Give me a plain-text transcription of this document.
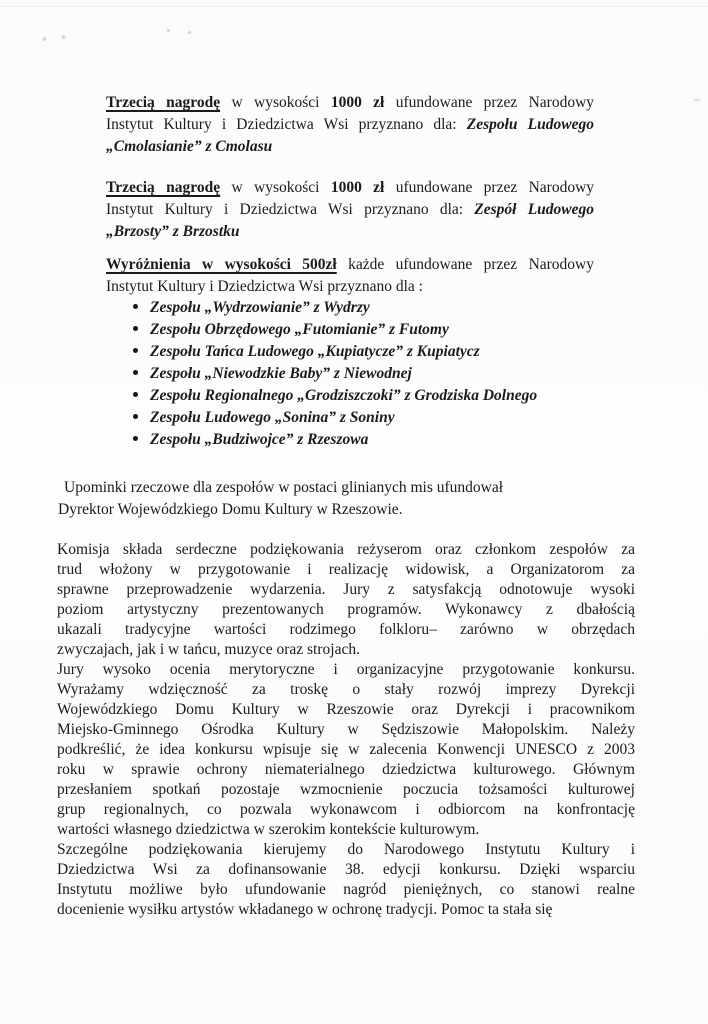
Trzecią nagrodę w wysokości 1000 zł ufundowane przez Narodowy
Instytut Kultury i Dziedzictwa Wsi przyznano dla: Zespołu Ludowego
„Cmolasianie” z Cmolasu
Trzecią nagrodę w wysokości 1000 zł ufundowane przez Narodowy
Instytut Kultury i Dziedzictwa Wsi przyznano dla: Zespół Ludowego
„Brzosty” z Brzostku
Wyróżnienia w wysokości 500zł każde ufundowane przez Narodowy
Instytut Kultury i Dziedzictwa Wsi przyznano dla :
Zespołu „Wydrzowianie” z Wydrzy
Zespołu Obrzędowego „Futomianie” z Futomy
Zespołu Tańca Ludowego „Kupiatycze” z Kupiatycz
Zespołu „Niewodzkie Baby” z Niewodnej
Zespołu Regionalnego „Grodziszczoki” z Grodziska Dolnego
Zespołu Ludowego „Sonina” z Soniny
Zespołu „Budziwojce” z Rzeszowa
Upominki rzeczowe dla zespołów w postaci glinianych mis ufundował
Dyrektor Wojewódzkiego Domu Kultury w Rzeszowie.
Komisja składa serdeczne podziękowania reżyserom oraz członkom zespołów za
trud włożony w przygotowanie i realizację widowisk, a Organizatorom za
sprawne przeprowadzenie wydarzenia. Jury z satysfakcją odnotowuje wysoki
poziom artystyczny prezentowanych programów. Wykonawcy z dbałością
ukazali tradycyjne wartości rodzimego folkloru– zarówno w obrzędach
zwyczajach, jak i w tańcu, muzyce oraz strojach.
Jury wysoko ocenia merytoryczne i organizacyjne przygotowanie konkursu.
Wyrażamy wdzięczność za troskę o stały rozwój imprezy Dyrekcji
Wojewódzkiego Domu Kultury w Rzeszowie oraz Dyrekcji i pracownikom
Miejsko-Gminnego Ośrodka Kultury w Sędziszowie Małopolskim. Należy
podkreślić, że idea konkursu wpisuje się w zalecenia Konwencji UNESCO z 2003
roku w sprawie ochrony niematerialnego dziedzictwa kulturowego. Głównym
przesłaniem spotkań pozostaje wzmocnienie poczucia tożsamości kulturowej
grup regionalnych, co pozwala wykonawcom i odbiorcom na konfrontację
wartości własnego dziedzictwa w szerokim kontekście kulturowym.
Szczególne podziękowania kierujemy do Narodowego Instytutu Kultury i
Dziedzictwa Wsi za dofinansowanie 38. edycji konkursu. Dzięki wsparciu
Instytutu możliwe było ufundowanie nagród pieniężnych, co stanowi realne
docenienie wysiłku artystów wkładanego w ochronę tradycji. Pomoc ta stała się
